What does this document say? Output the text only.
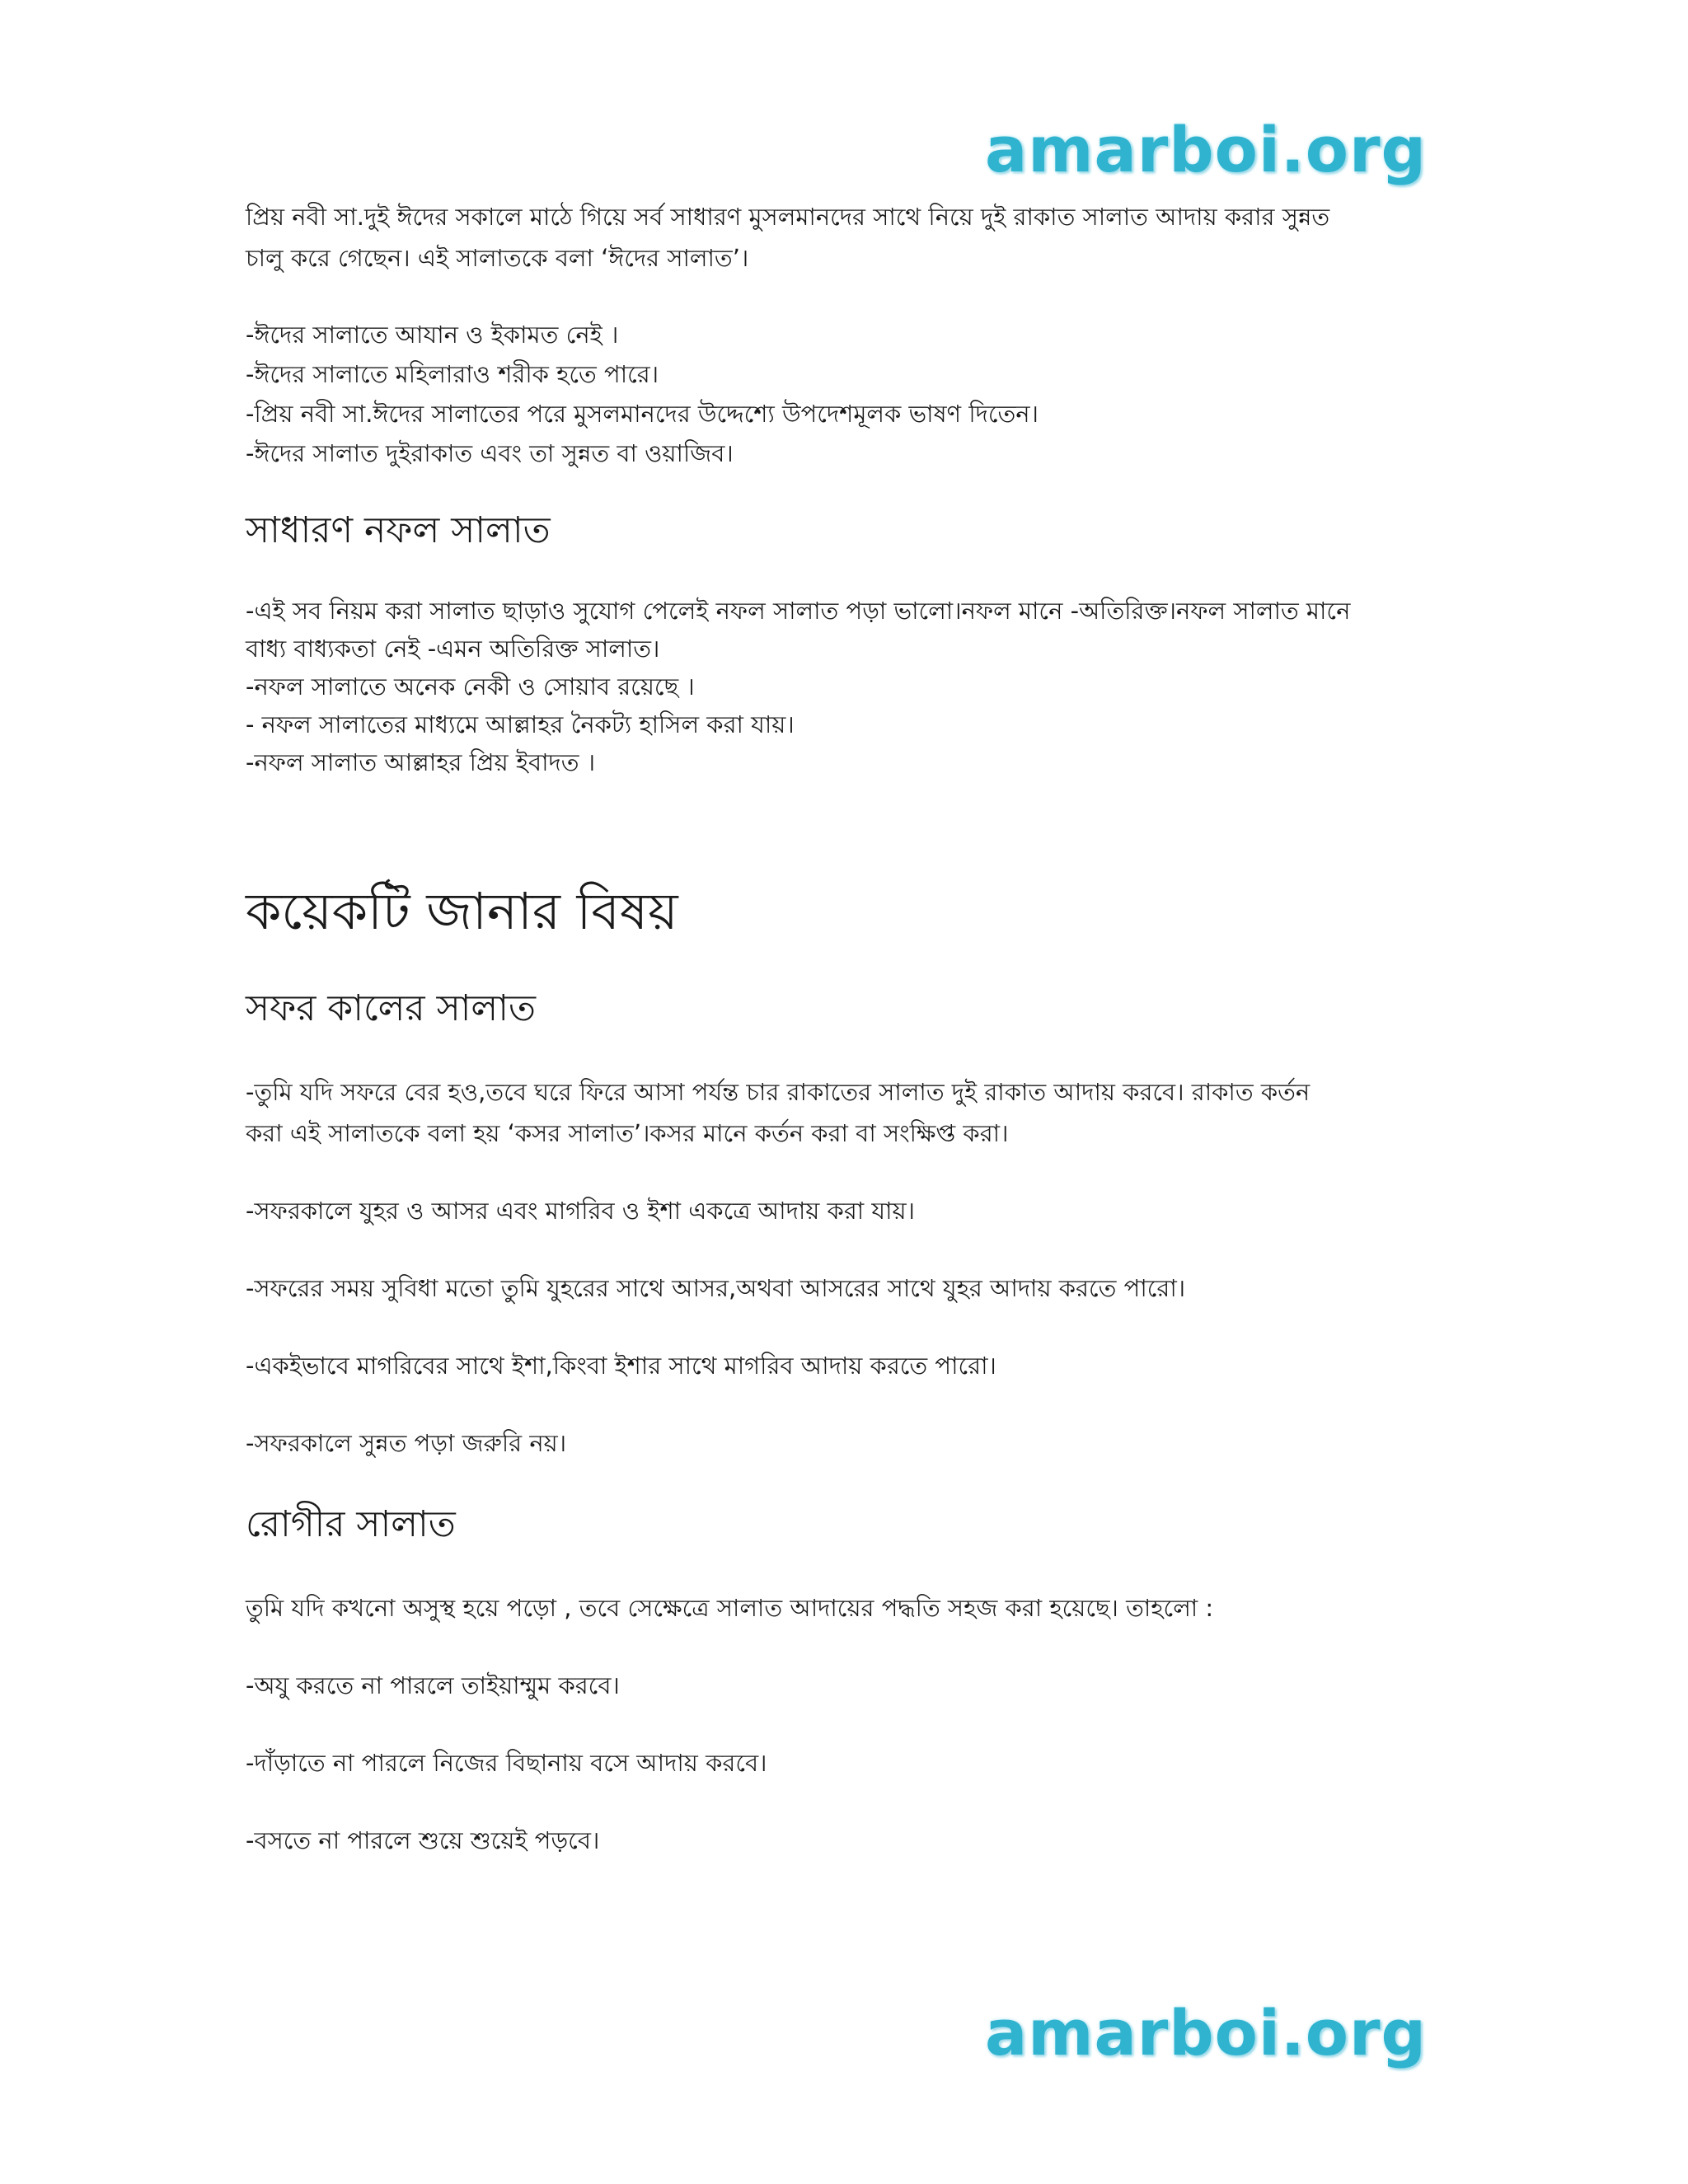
amarboi.org

প্রিয় নবী সা.দুই ঈদের সকালে মাঠে গিয়ে সর্ব সাধারণ মুসলমানদের সাথে নিয়ে দুই রাকাত সালাত আদায় করার সুন্নত

চালু করে গেছেন। এই সালাতকে বলা ‘ঈদের সালাত’।

-ঈদের সালাতে আযান ও ইকামত নেই ।

-ঈদের সালাতে মহিলারাও শরীক হতে পারে।

-প্রিয় নবী সা.ঈদের সালাতের পরে মুসলমানদের উদ্দেশ্যে উপদেশমূলক ভাষণ দিতেন।

-ঈদের সালাত দুইরাকাত এবং তা সুন্নত বা ওয়াজিব।

সাধারণ নফল সালাত

-এই সব নিয়ম করা সালাত ছাড়াও সুযোগ পেলেই নফল সালাত পড়া ভালো।নফল মানে -অতিরিক্ত।নফল সালাত মানে

বাধ্য বাধ্যকতা নেই -এমন অতিরিক্ত সালাত।

-নফল সালাতে অনেক নেকী ও সোয়াব রয়েছে ।

- নফল সালাতের মাধ্যমে আল্লাহর নৈকট্য হাসিল করা যায়।

-নফল সালাত আল্লাহর প্রিয় ইবাদত ।

কয়েকটি জানার বিষয়
সফর কালের সালাত

-তুমি যদি সফরে বের হও,তবে ঘরে ফিরে আসা পর্যন্ত চার রাকাতের সালাত দুই রাকাত আদায় করবে। রাকাত কর্তন

করা এই সালাতকে বলা হয় ‘কসর সালাত’।কসর মানে কর্তন করা বা সংক্ষিপ্ত করা।

-সফরকালে যুহর ও আসর এবং মাগরিব ও ইশা একত্রে আদায় করা যায়।

-সফরের সময় সুবিধা মতো তুমি যুহরের সাথে আসর,অথবা আসরের সাথে যুহর আদায় করতে পারো।

-একইভাবে মাগরিবের সাথে ইশা,কিংবা ইশার সাথে মাগরিব আদায় করতে পারো।

-সফরকালে সুন্নত পড়া জরুরি নয়।

রোগীর সালাত

তুমি যদি কখনো অসুস্থ হয়ে পড়ো , তবে সেক্ষেত্রে সালাত আদায়ের পদ্ধতি সহজ করা হয়েছে। তাহলো :

-অযু করতে না পারলে তাইয়াম্মুম করবে।

-দাঁড়াতে না পারলে নিজের বিছানায় বসে আদায় করবে।

-বসতে না পারলে শুয়ে শুয়েই পড়বে।

amarboi.org
